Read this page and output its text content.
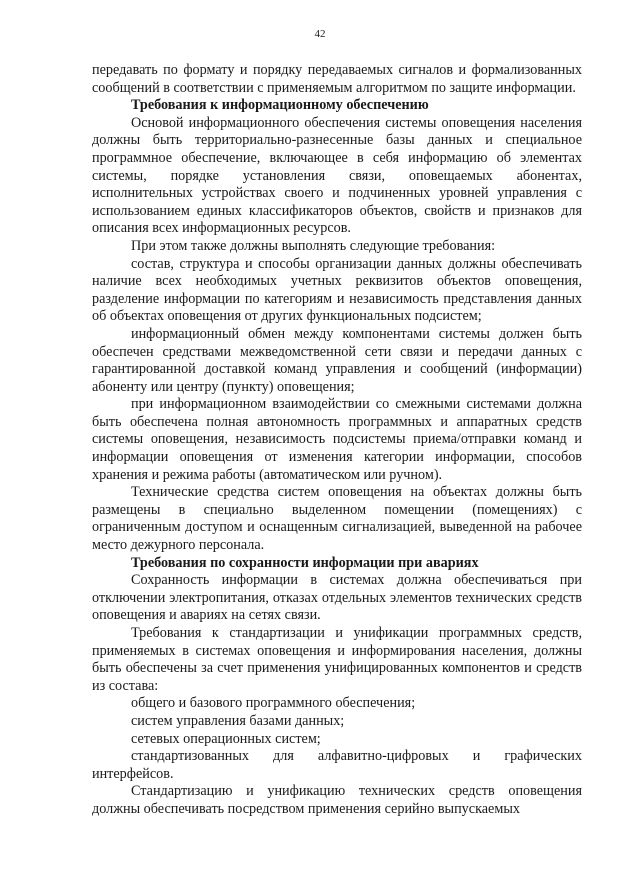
42

передавать по формату и порядку передаваемых сигналов и формализованных сообщений в соответствии с применяемым алгоритмом по защите информации.

Требования к информационному обеспечению

Основой информационного обеспечения системы оповещения населения должны быть территориально-разнесенные базы данных и специальное программное обеспечение, включающее в себя информацию об элементах системы, порядке установления связи, оповещаемых абонентах, исполнительных устройствах своего и подчиненных уровней управления с использованием единых классификаторов объектов, свойств и признаков для описания всех информационных ресурсов.

При этом также должны выполнять следующие требования:

состав, структура и способы организации данных должны обеспечивать наличие всех необходимых учетных реквизитов объектов оповещения, разделение информации по категориям и независимость представления данных об объектах оповещения от других функциональных подсистем;

информационный обмен между компонентами системы должен быть обеспечен средствами межведомственной сети связи и передачи данных с гарантированной доставкой команд управления и сообщений (информации) абоненту или центру (пункту) оповещения;

при информационном взаимодействии со смежными системами должна быть обеспечена полная автономность программных и аппаратных средств системы оповещения, независимость подсистемы приема/отправки команд и информации оповещения от изменения категории информации, способов хранения и режима работы (автоматическом или ручном).

Технические средства систем оповещения на объектах должны быть размещены в специально выделенном помещении (помещениях) с ограниченным доступом и оснащенным сигнализацией, выведенной на рабочее место дежурного персонала.

Требования по сохранности информации при авариях

Сохранность информации в системах должна обеспечиваться при отключении электропитания, отказах отдельных элементов технических средств оповещения и авариях на сетях связи.

Требования к стандартизации и унификации программных средств, применяемых в системах оповещения и информирования населения, должны быть обеспечены за счет применения унифицированных компонентов и средств из состава:

общего и базового программного обеспечения;

систем управления базами данных;

сетевых операционных систем;

стандартизованных для алфавитно-цифровых и графических интерфейсов.

Стандартизацию и унификацию технических средств оповещения должны обеспечивать посредством применения серийно выпускаемых
